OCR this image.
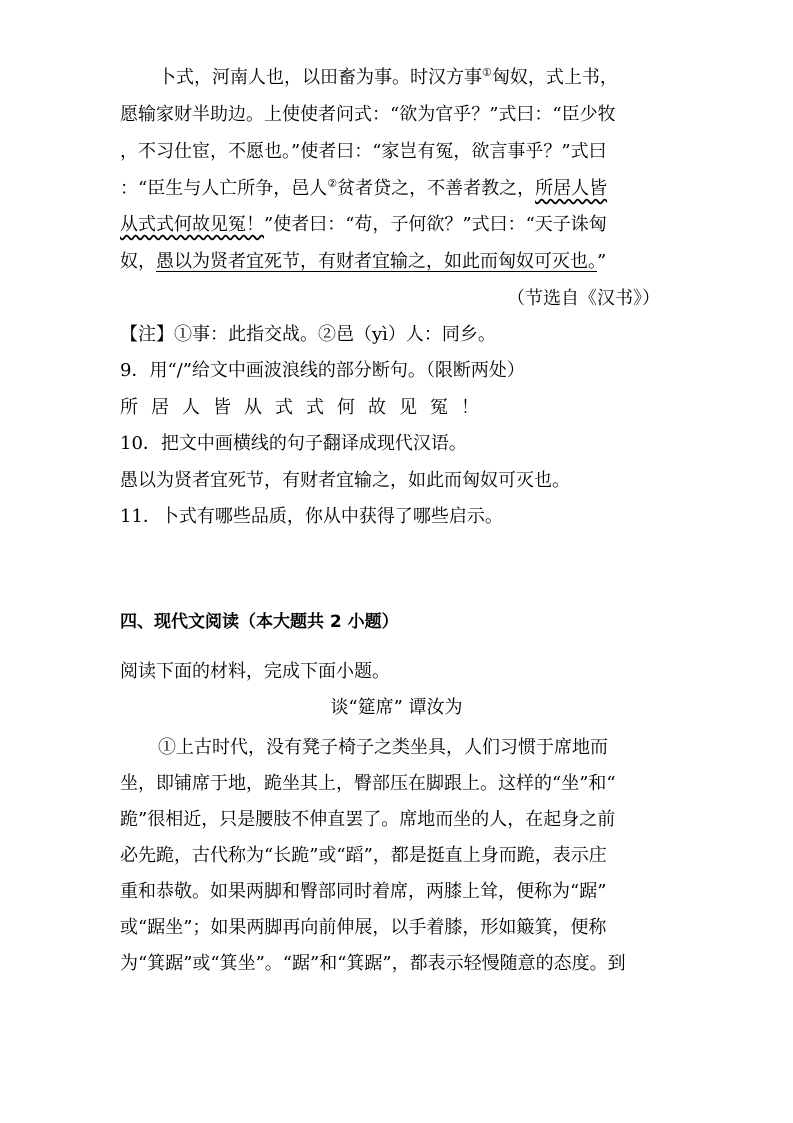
卜式，河南人也，以田畜为事。时汉方事①匈奴，式上书，
愿输家财半助边。上使使者问式：“欲为官乎？”式曰：“臣少牧
，不习仕宦，不愿也。”使者曰：“家岂有冤，欲言事乎？”式曰
：“臣生与人亡所争，邑人②贫者贷之，不善者教之，所居人皆
从式式何故见冤！”使者曰：“苟，子何欲？”式曰：“天子诛匈
奴，愚以为贤者宜死节，有财者宜输之，如此而匈奴可灭也。”
（节选自《汉书》）
【注】①事：此指交战。②邑（yì）人：同乡。
9．用“/”给文中画波浪线的部分断句。（限断两处）
所居人皆从式式何故见冤！
10．把文中画横线的句子翻译成现代汉语。
愚以为贤者宜死节，有财者宜输之，如此而匈奴可灭也。
11．卜式有哪些品质，你从中获得了哪些启示。
四、现代文阅读（本大题共 2 小题）
阅读下面的材料，完成下面小题。
谈“筵席” 谭汝为
①上古时代，没有凳子椅子之类坐具，人们习惯于席地而
坐，即铺席于地，跪坐其上，臀部压在脚跟上。这样的“坐”和“
跪”很相近，只是腰肢不伸直罢了。席地而坐的人，在起身之前
必先跪，古代称为“长跪”或“蹈”，都是挺直上身而跪，表示庄
重和恭敬。如果两脚和臀部同时着席，两膝上耸，便称为“踞”
或“踞坐”；如果两脚再向前伸展，以手着膝，形如簸箕，便称
为“箕踞”或“箕坐”。“踞”和“箕踞”，都表示轻慢随意的态度。到
